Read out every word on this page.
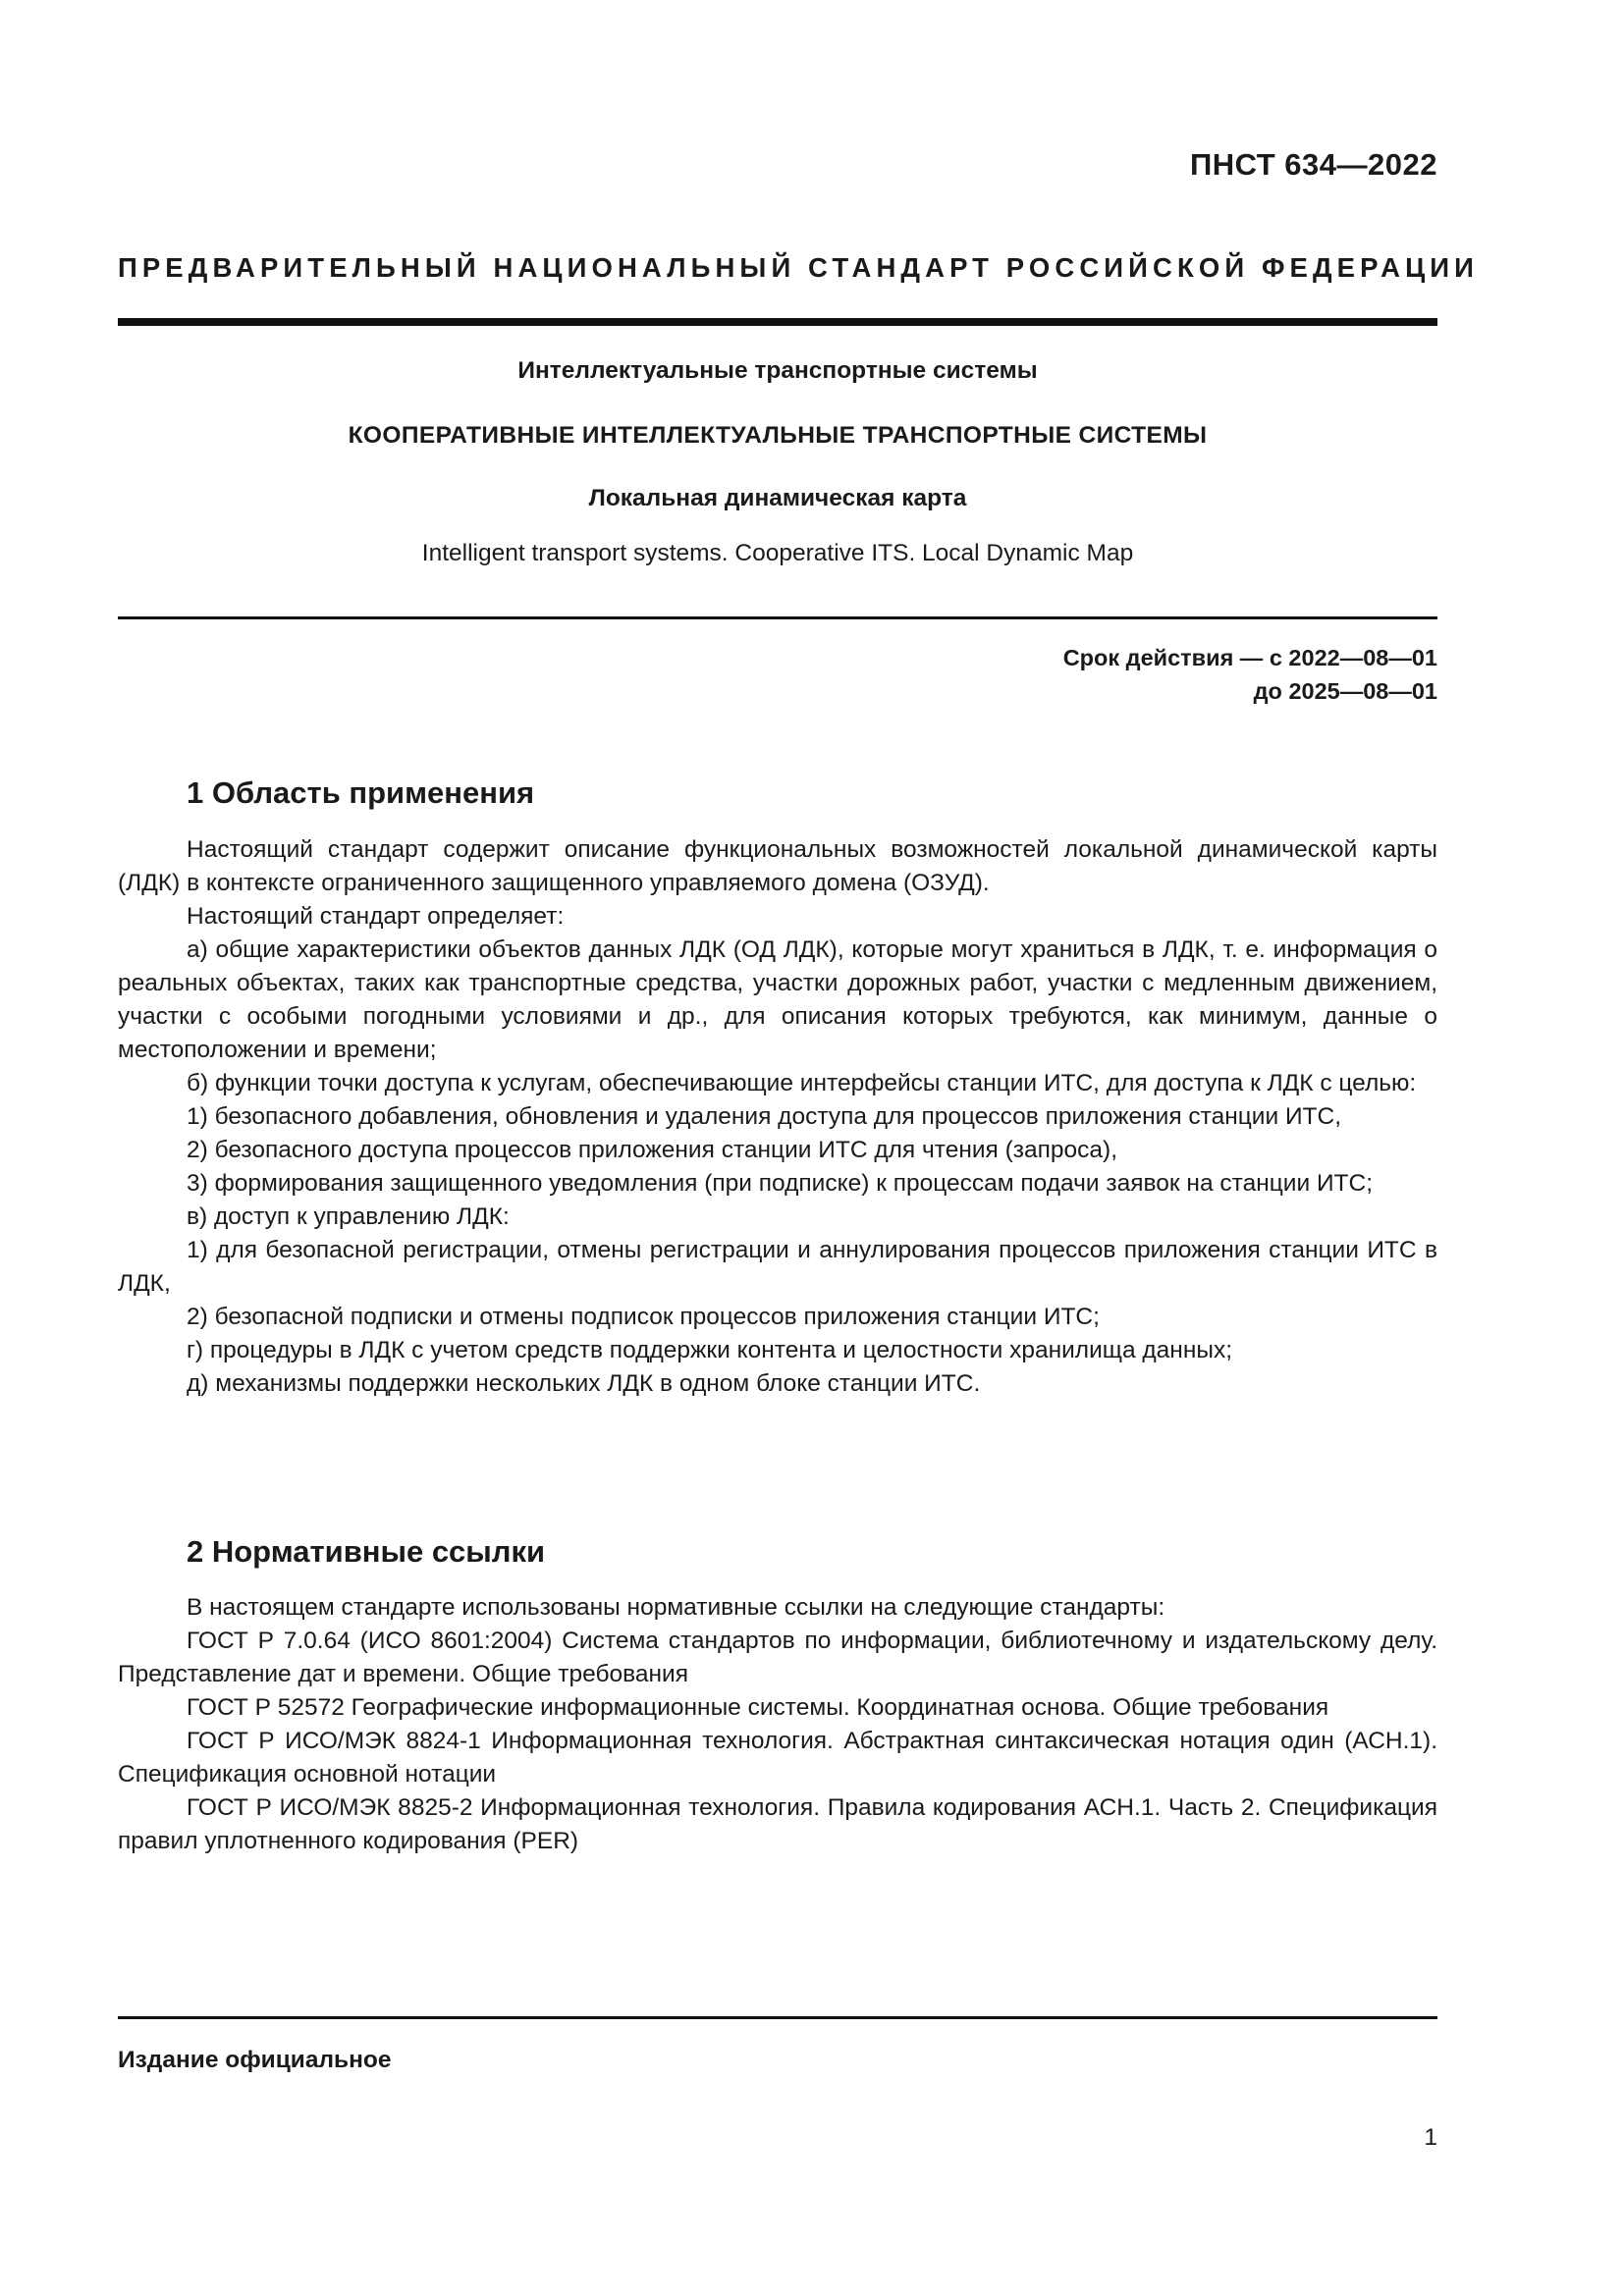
ПНСТ 634—2022
ПРЕДВАРИТЕЛЬНЫЙ НАЦИОНАЛЬНЫЙ СТАНДАРТ РОССИЙСКОЙ ФЕДЕРАЦИИ
Интеллектуальные транспортные системы
КООПЕРАТИВНЫЕ ИНТЕЛЛЕКТУАЛЬНЫЕ ТРАНСПОРТНЫЕ СИСТЕМЫ
Локальная динамическая карта
Intelligent transport systems. Cooperative ITS. Local Dynamic Map
Срок действия — с 2022—08—01
до 2025—08—01
1 Область применения

Настоящий стандарт содержит описание функциональных возможностей локальной динамической карты (ЛДК) в контексте ограниченного защищенного управляемого домена (ОЗУД).

Настоящий стандарт определяет:

а) общие характеристики объектов данных ЛДК (ОД ЛДК), которые могут храниться в ЛДК, т. е. информация о реальных объектах, таких как транспортные средства, участки дорожных работ, участки с медленным движением, участки с особыми погодными условиями и др., для описания которых требуются, как минимум, данные о местоположении и времени;

б) функции точки доступа к услугам, обеспечивающие интерфейсы станции ИТС, для доступа к ЛДК с целью:

1) безопасного добавления, обновления и удаления доступа для процессов приложения станции ИТС,

2) безопасного доступа процессов приложения станции ИТС для чтения (запроса),

3) формирования защищенного уведомления (при подписке) к процессам подачи заявок на станции ИТС;

в) доступ к управлению ЛДК:

1) для безопасной регистрации, отмены регистрации и аннулирования процессов приложения станции ИТС в ЛДК,

2) безопасной подписки и отмены подписок процессов приложения станции ИТС;

г) процедуры в ЛДК с учетом средств поддержки контента и целостности хранилища данных;

д) механизмы поддержки нескольких ЛДК в одном блоке станции ИТС.

2 Нормативные ссылки

В настоящем стандарте использованы нормативные ссылки на следующие стандарты:

ГОСТ Р 7.0.64 (ИСО 8601:2004) Система стандартов по информации, библиотечному и издательскому делу. Представление дат и времени. Общие требования

ГОСТ Р 52572 Географические информационные системы. Координатная основа. Общие требования

ГОСТ Р ИСО/МЭК 8824-1 Информационная технология. Абстрактная синтаксическая нотация один (АСН.1). Спецификация основной нотации

ГОСТ Р ИСО/МЭК 8825-2 Информационная технология. Правила кодирования АСН.1. Часть 2. Спецификация правил уплотненного кодирования (PER)

Издание официальное
1
